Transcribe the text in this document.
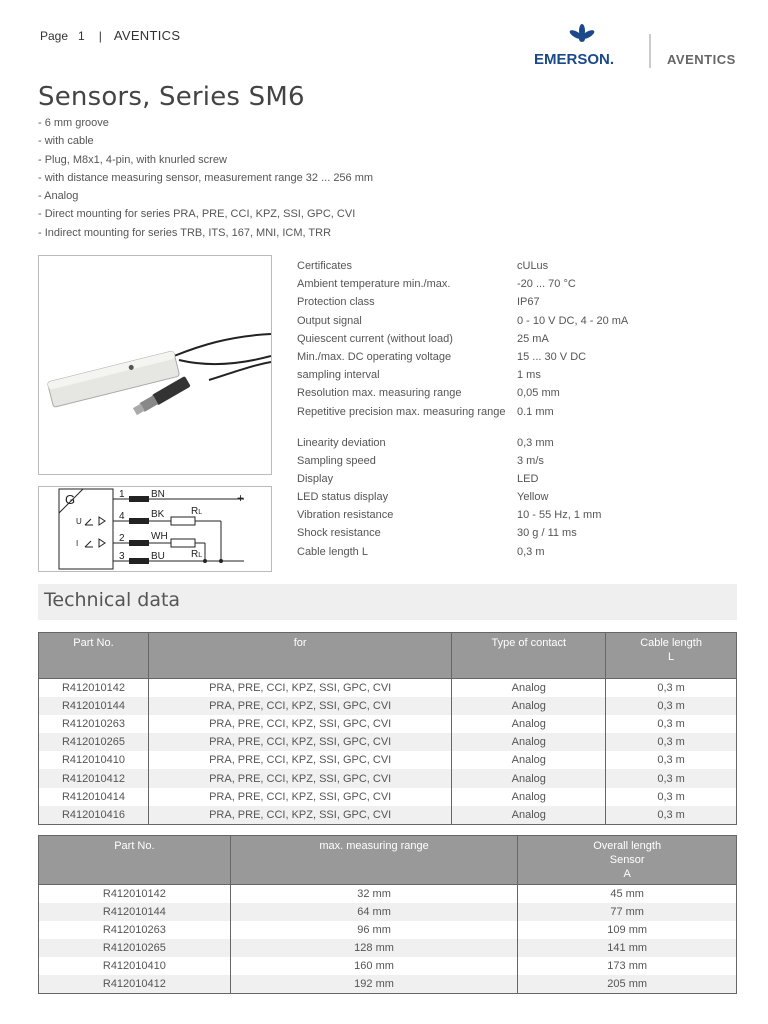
Page 1 | AVENTICS
EMERSON.	AVENTICS
Sensors, Series SM6
- 6 mm groove
- with cable
- Plug, M8x1, 4-pin, with knurled screw
- with distance measuring sensor, measurement range 32 ... 256 mm
- Analog
- Direct mounting for series PRA, PRE, CCI, KPZ, SSI, GPC, CVI
- Indirect mounting for series TRB, ITS, 167, MNI, ICM, TRR
G
U
I
1
4
2
3
BN
BK
WH
BU
RL
RL
+
−
Certificates	cULus
Ambient temperature min./max.	-20 ... 70 °C
Protection class	IP67
Output signal	0 - 10 V DC, 4 - 20 mA
Quiescent current (without load)	25 mA
Min./max. DC operating voltage	15 ... 30 V DC
sampling interval	1 ms
Resolution max. measuring range	0,05 mm
Repetitive precision max. measuring range	0.1 mm
Linearity deviation	0,3 mm
Sampling speed	3 m/s
Display	LED
LED status display	Yellow
Vibration resistance	10 - 55 Hz, 1 mm
Shock resistance	30 g / 11 ms
Cable length L	0,3 m
Technical data
Part No.	for	Type of contact	Cable length
L
R412010142	PRA, PRE, CCI, KPZ, SSI, GPC, CVI	Analog	0,3 m
R412010144	PRA, PRE, CCI, KPZ, SSI, GPC, CVI	Analog	0,3 m
R412010263	PRA, PRE, CCI, KPZ, SSI, GPC, CVI	Analog	0,3 m
R412010265	PRA, PRE, CCI, KPZ, SSI, GPC, CVI	Analog	0,3 m
R412010410	PRA, PRE, CCI, KPZ, SSI, GPC, CVI	Analog	0,3 m
R412010412	PRA, PRE, CCI, KPZ, SSI, GPC, CVI	Analog	0,3 m
R412010414	PRA, PRE, CCI, KPZ, SSI, GPC, CVI	Analog	0,3 m
R412010416	PRA, PRE, CCI, KPZ, SSI, GPC, CVI	Analog	0,3 m
Part No.	max. measuring range	Overall length
Sensor
A
R412010142	32 mm	45 mm
R412010144	64 mm	77 mm
R412010263	96 mm	109 mm
R412010265	128 mm	141 mm
R412010410	160 mm	173 mm
R412010412	192 mm	205 mm
